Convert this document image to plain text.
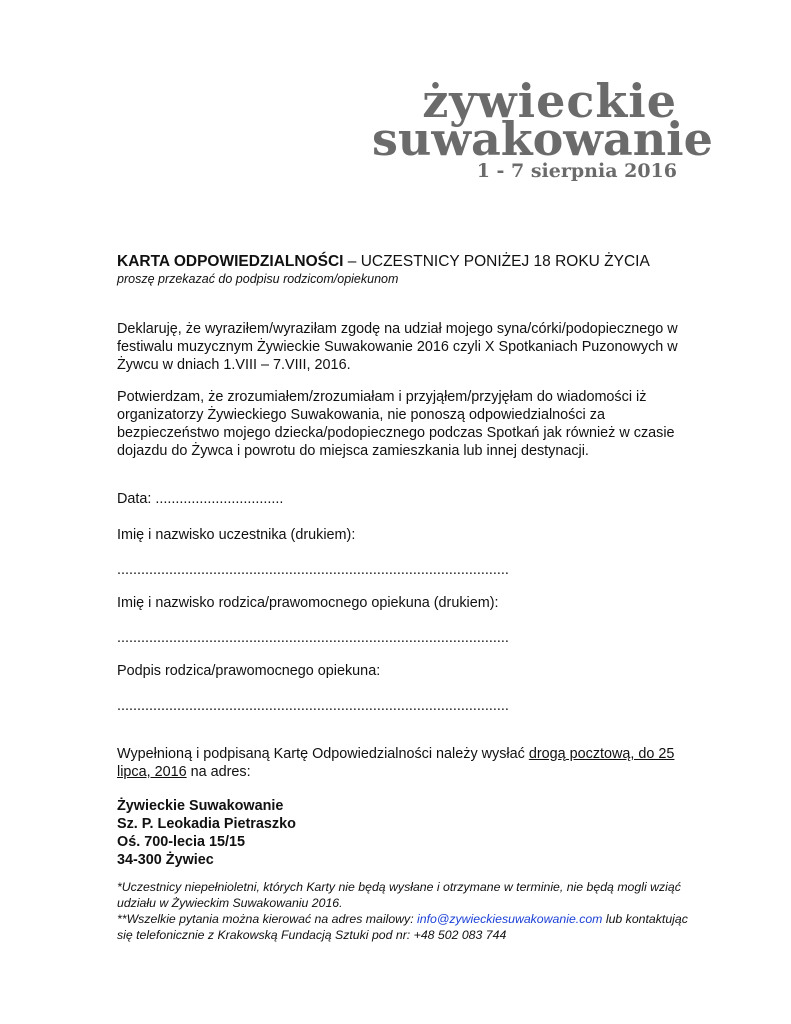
żywieckie
suwakowanie
1 - 7 sierpnia 2016
KARTA ODPOWIEDZIALNOŚCI – UCZESTNICY PONIŻEJ 18 ROKU ŻYCIA
proszę przekazać do podpisu rodzicom/opiekunom

Deklaruję, że wyraziłem/wyraziłam zgodę na udział mojego syna/córki/podopiecznego w festiwalu muzycznym Żywieckie Suwakowanie 2016 czyli X Spotkaniach Puzonowych w Żywcu w dniach 1.VIII – 7.VIII, 2016.

Potwierdzam, że zrozumiałem/zrozumiałam i przyjąłem/przyjęłam do wiadomości iż organizatorzy Żywieckiego Suwakowania, nie ponoszą odpowiedzialności za bezpieczeństwo mojego dziecka/podopiecznego podczas Spotkań jak również w czasie dojazdu do Żywca i powrotu do miejsca zamieszkania lub innej destynacji.

Data: ................................
Imię i nazwisko uczestnika (drukiem):
..................................................................................................
Imię i nazwisko rodzica/prawomocnego opiekuna (drukiem):
..................................................................................................
Podpis rodzica/prawomocnego opiekuna:
..................................................................................................

Wypełnioną i podpisaną Kartę Odpowiedzialności należy wysłać drogą pocztową, do 25 lipca, 2016 na adres:

Żywieckie Suwakowanie
Sz. P. Leokadia Pietraszko
Oś. 700-lecia 15/15
34-300 Żywiec

*Uczestnicy niepełnioletni, których Karty nie będą wysłane i otrzymane w terminie, nie będą mogli wziąć udziału w Żywieckim Suwakowaniu 2016.
**Wszelkie pytania można kierować na adres mailowy: info@zywieckiesuwakowanie.com lub kontaktując się telefonicznie z Krakowską Fundacją Sztuki pod nr: +48 502 083 744
